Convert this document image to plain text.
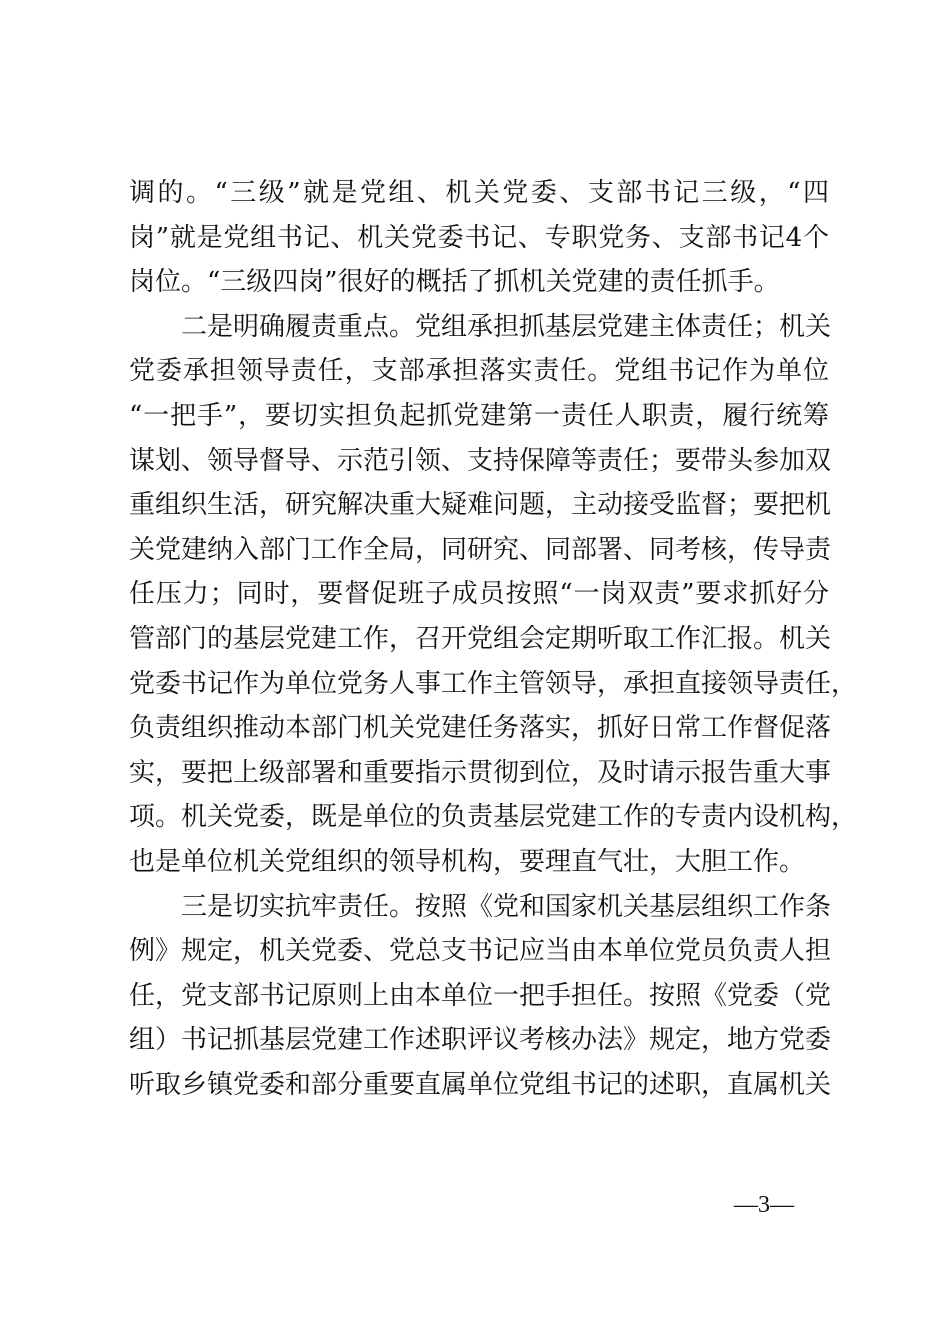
调的。“三级”就是党组、机关党委、支部书记三级，“四
岗”就是党组书记、机关党委书记、专职党务、支部书记4个
岗位。“三级四岗”很好的概括了抓机关党建的责任抓手。
　　二是明确履责重点。党组承担抓基层党建主体责任；机关
党委承担领导责任，支部承担落实责任。党组书记作为单位
“一把手”，要切实担负起抓党建第一责任人职责，履行统筹
谋划、领导督导、示范引领、支持保障等责任；要带头参加双
重组织生活，研究解决重大疑难问题，主动接受监督；要把机
关党建纳入部门工作全局，同研究、同部署、同考核，传导责
任压力；同时，要督促班子成员按照“一岗双责”要求抓好分
管部门的基层党建工作，召开党组会定期听取工作汇报。机关
党委书记作为单位党务人事工作主管领导，承担直接领导责任，
负责组织推动本部门机关党建任务落实，抓好日常工作督促落
实，要把上级部署和重要指示贯彻到位，及时请示报告重大事
项。机关党委，既是单位的负责基层党建工作的专责内设机构，
也是单位机关党组织的领导机构，要理直气壮，大胆工作。
　　三是切实抗牢责任。按照《党和国家机关基层组织工作条
例》规定，机关党委、党总支书记应当由本单位党员负责人担
任，党支部书记原则上由本单位一把手担任。按照《党委（党
组）书记抓基层党建工作述职评议考核办法》规定，地方党委
听取乡镇党委和部分重要直属单位党组书记的述职，直属机关
—3—
